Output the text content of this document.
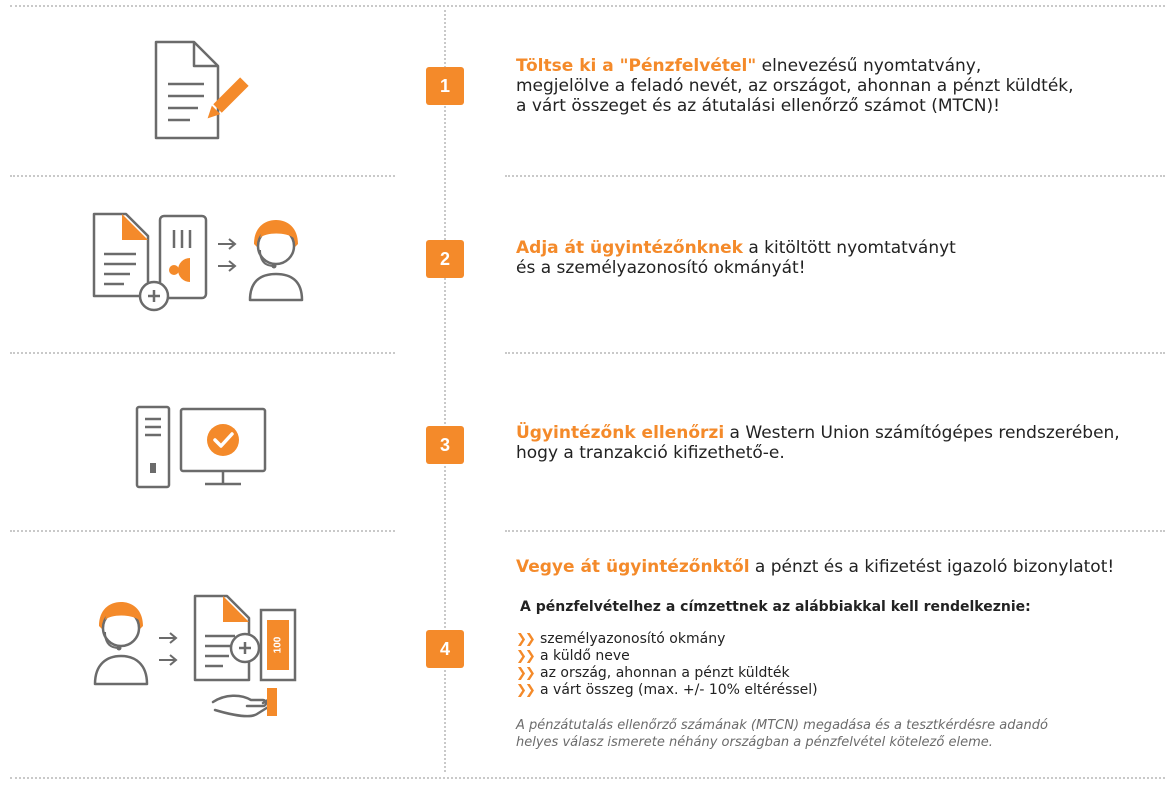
100
1
2
3
4

Töltse ki a "Pénzfelvétel" elnevezésű nyomtatvány,

megjelölve a feladó nevét, az országot, ahonnan a pénzt küldték,

a várt összeget és az átutalási ellenőrző számot (MTCN)!

Adja át ügyintézőnknek a kitöltött nyomtatványt

és a személyazonosító okmányát!

Ügyintézőnk ellenőrzi a Western Union számítógépes rendszerében,

hogy a tranzakció kifizethető-e.

Vegye át ügyintézőnktől a pénzt és a kifizetést igazoló bizonylatot!

A pénzfelvételhez a címzettnek az alábbiakkal kell rendelkeznie:
❯❯ személyazonosító okmány
❯❯ a küldő neve
❯❯ az ország, ahonnan a pénzt küldték
❯❯ a várt összeg (max. +/- 10% eltéréssel)

A pénzátutalás ellenőrző számának (MTCN) megadása és a tesztkérdésre adandó

helyes válasz ismerete néhány országban a pénzfelvétel kötelező eleme.
